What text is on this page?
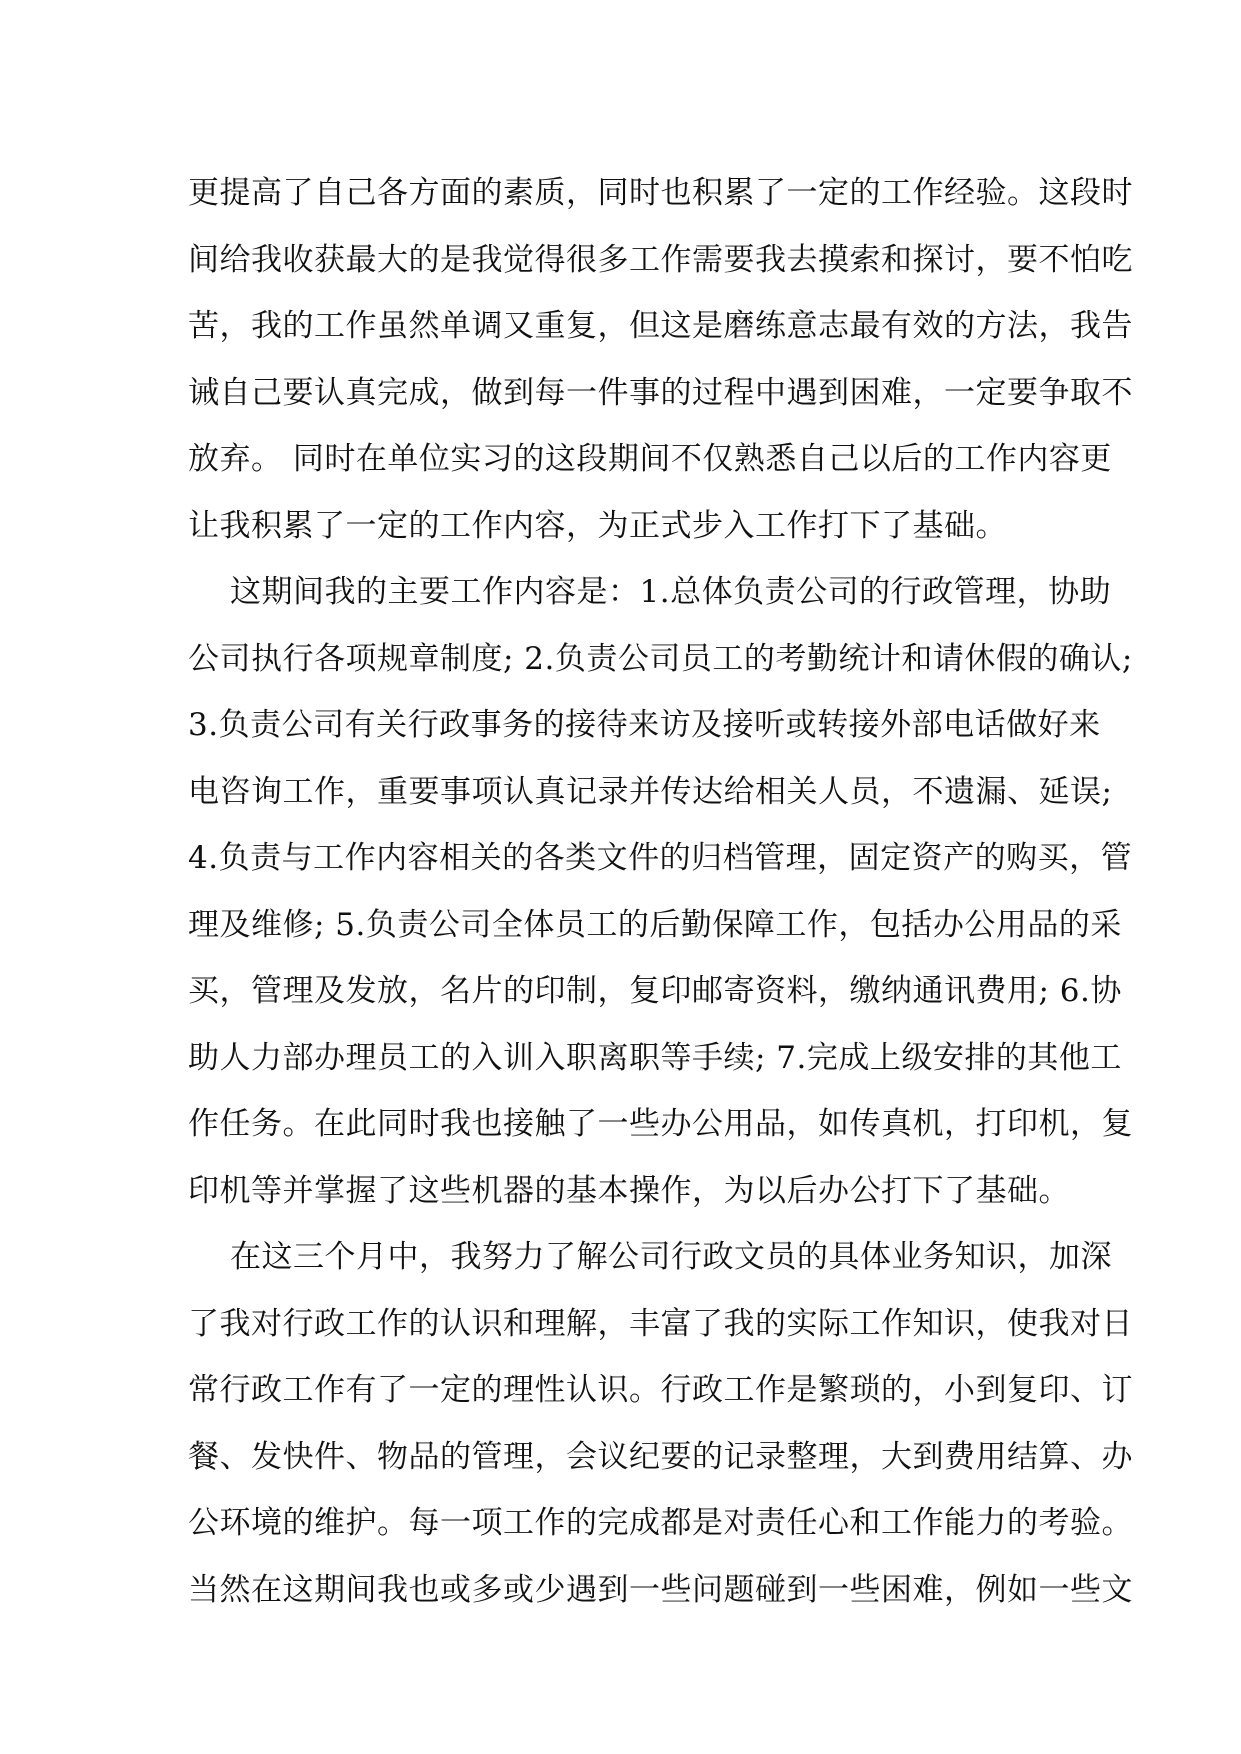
更提高了自己各方面的素质，同时也积累了一定的工作经验。这段时
间给我收获最大的是我觉得很多工作需要我去摸索和探讨，要不怕吃
苦，我的工作虽然单调又重复，但这是磨练意志最有效的方法，我告
诫自己要认真完成，做到每一件事的过程中遇到困难，一定要争取不
放弃。 同时在单位实习的这段期间不仅熟悉自己以后的工作内容更
让我积累了一定的工作内容，为正式步入工作打下了基础。
这期间我的主要工作内容是：1.总体负责公司的行政管理，协助
公司执行各项规章制度; 2.负责公司员工的考勤统计和请休假的确认;
3.负责公司有关行政事务的接待来访及接听或转接外部电话做好来
电咨询工作，重要事项认真记录并传达给相关人员，不遗漏、延误;
4.负责与工作内容相关的各类文件的归档管理，固定资产的购买，管
理及维修; 5.负责公司全体员工的后勤保障工作，包括办公用品的采
买，管理及发放，名片的印制，复印邮寄资料，缴纳通讯费用; 6.协
助人力部办理员工的入训入职离职等手续; 7.完成上级安排的其他工
作任务。在此同时我也接触了一些办公用品，如传真机，打印机，复
印机等并掌握了这些机器的基本操作，为以后办公打下了基础。
在这三个月中，我努力了解公司行政文员的具体业务知识，加深
了我对行政工作的认识和理解，丰富了我的实际工作知识，使我对日
常行政工作有了一定的理性认识。行政工作是繁琐的，小到复印、订
餐、发快件、物品的管理，会议纪要的记录整理，大到费用结算、办
公环境的维护。每一项工作的完成都是对责任心和工作能力的考验。
当然在这期间我也或多或少遇到一些问题碰到一些困难，例如一些文
